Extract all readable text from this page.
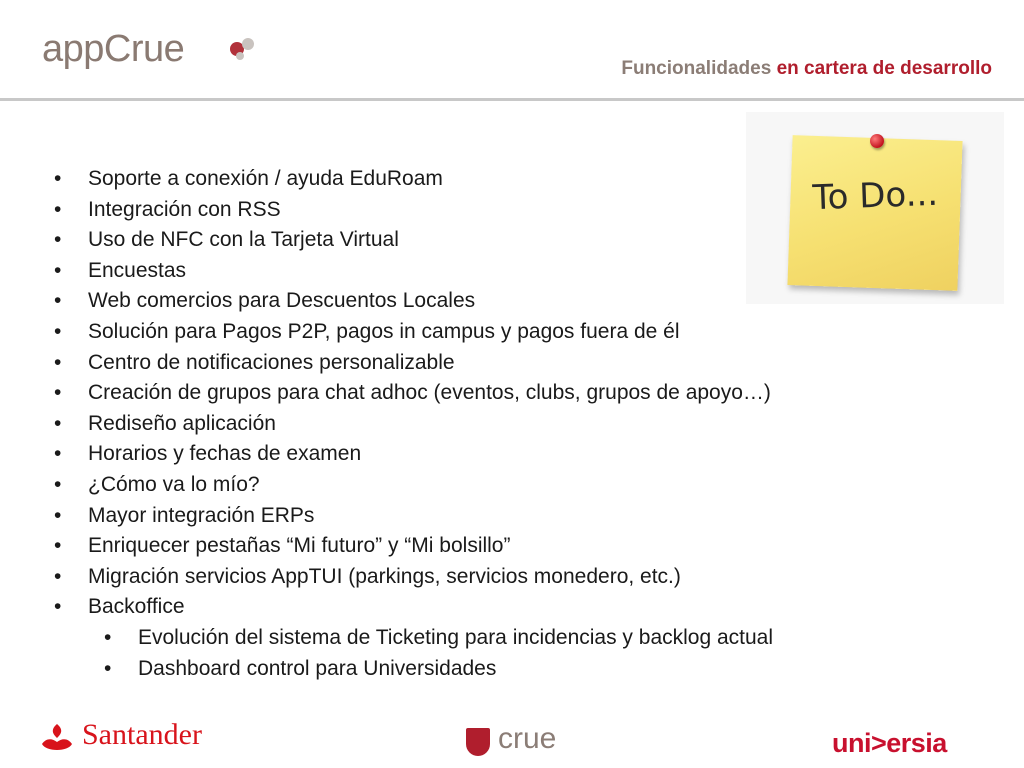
appCrue	Funcionalidades en cartera de desarrollo
To Do...
• Soporte a conexión / ayuda EduRoam
• Integración con RSS
• Uso de NFC con la Tarjeta Virtual
• Encuestas
• Web comercios para Descuentos Locales
• Solución para Pagos P2P, pagos in campus y pagos fuera de él
• Centro de notificaciones personalizable
• Creación de grupos para chat adhoc (eventos, clubs, grupos de apoyo…)
• Rediseño aplicación
• Horarios y fechas de examen
• ¿Cómo va lo mío?
• Mayor integración ERPs
• Enriquecer pestañas “Mi futuro” y “Mi bolsillo”
• Migración servicios AppTUI (parkings, servicios monedero, etc.)
• Backoffice
• Evolución del sistema de Ticketing para incidencias y backlog actual
• Dashboard control para Universidades
Santander	crue	uni>ersia
